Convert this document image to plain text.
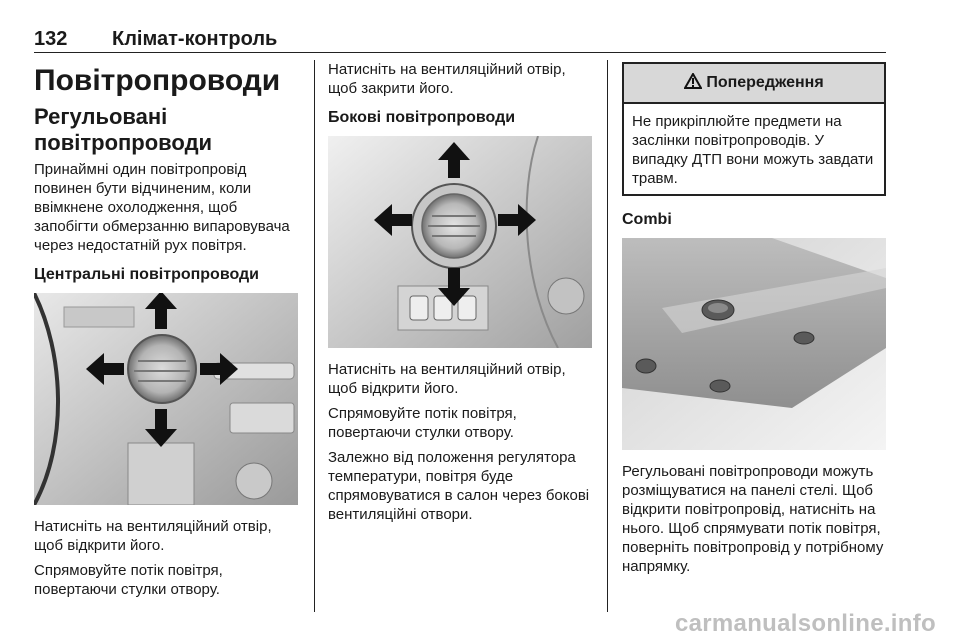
132 Клімат-контроль
Повітропроводи
Регульовані повітропроводи

Принаймні один повітропровід повинен бути відчиненим, коли ввімкнене охолодження, щоб запобігти обмерзанню випаровувача через недостатній рух повітря.

Центральні повітропроводи

Натисніть на вентиляційний отвір, щоб відкрити його.

Спрямовуйте потік повітря, повертаючи стулки отвору.

Натисніть на вентиляційний отвір, щоб закрити його.

Бокові повітропроводи

Натисніть на вентиляційний отвір, щоб відкрити його.

Спрямовуйте потік повітря, повертаючи стулки отвору.

Залежно від положення регулятора температури, повітря буде спрямовуватися в салон через бокові вентиляційні отвори.

Попередження

Не прикріплюйте предмети на заслінки повітропроводів. У випадку ДТП вони можуть завдати травм.

Combi

Регульовані повітропроводи можуть розміщуватися на панелі стелі. Щоб відкрити повітропровід, натисніть на нього. Щоб спрямувати потік повітря, поверніть повітропровід у потрібному напрямку.

carmanualsonline.info
